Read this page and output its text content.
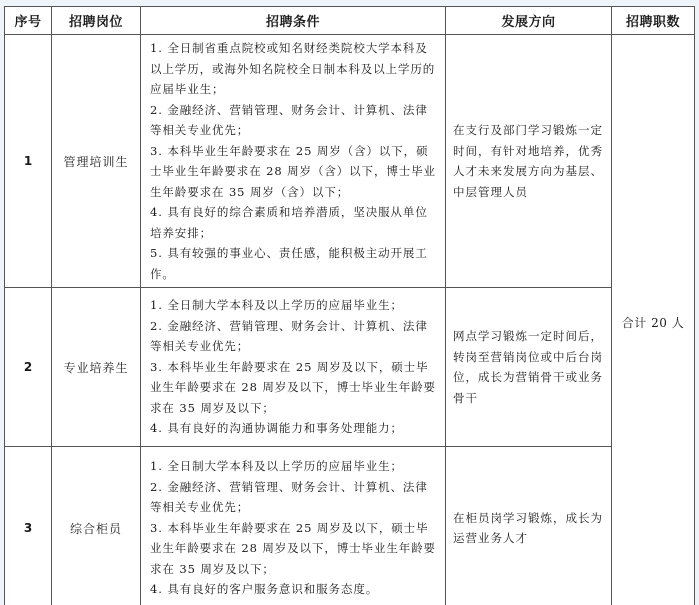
序号	招聘岗位	招聘条件	发展方向	招聘职数
1	管理培训生	1. 全日制省重点院校或知名财经类院校大学本科及以上学历，或海外知名院校全日制本科及以上学历的应届毕业生；
2. 金融经济、营销管理、财务会计、计算机、法律等相关专业优先；
3. 本科毕业生年龄要求在 25 周岁（含）以下，硕士毕业生年龄要求在 28 周岁（含）以下，博士毕业生年龄要求在 35 周岁（含）以下；
4. 具有良好的综合素质和培养潜质，坚决服从单位培养安排；
5. 具有较强的事业心、责任感，能积极主动开展工作。	在支行及部门学习锻炼一定时间，有针对地培养，优秀人才未来发展方向为基层、中层管理人员	合计 20 人
2	专业培养生	1. 全日制大学本科及以上学历的应届毕业生；
2. 金融经济、营销管理、财务会计、计算机、法律等相关专业优先；
3. 本科毕业生年龄要求在 25 周岁及以下，硕士毕业生年龄要求在 28 周岁及以下，博士毕业生年龄要求在 35 周岁及以下；
4. 具有良好的沟通协调能力和事务处理能力；	网点学习锻炼一定时间后，转岗至营销岗位或中后台岗位，成长为营销骨干或业务骨干	
3	综合柜员	1. 全日制大学本科及以上学历的应届毕业生；
2. 金融经济、营销管理、财务会计、计算机、法律等相关专业优先；
3. 本科毕业生年龄要求在 25 周岁及以下，硕士毕业生年龄要求在 28 周岁及以下，博士毕业生年龄要求在 35 周岁及以下；
4. 具有良好的客户服务意识和服务态度。	在柜员岗学习锻炼，成长为运营业务人才	
